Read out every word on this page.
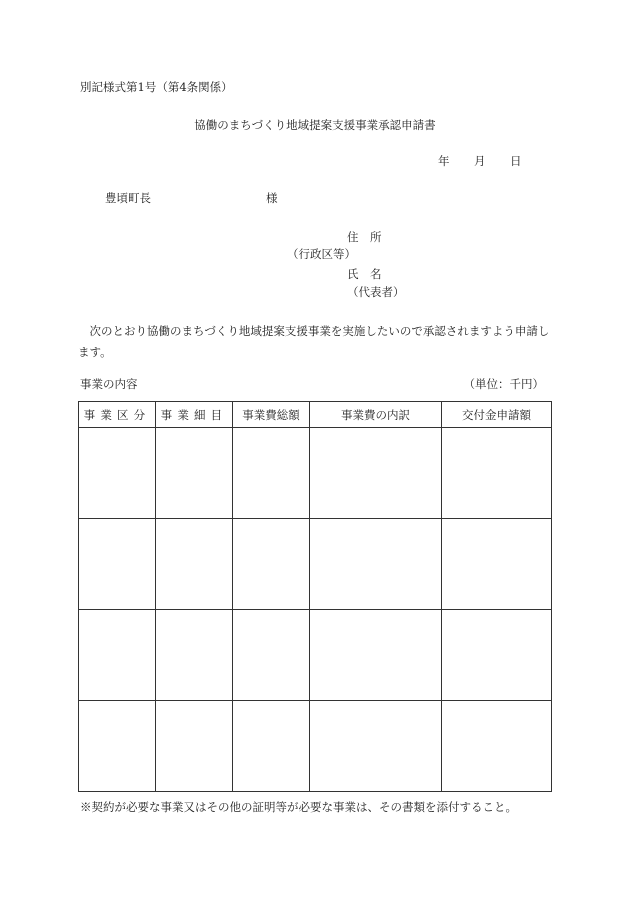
別記様式第1号（第4条関係）
協働のまちづくり地域提案支援事業承認申請書
年	月	日
豊頃町長	様
住　所
（行政区等）
氏　名
（代表者）
次のとおり協働のまちづくり地域提案支援事業を実施したいので承認されますよう申請します。
事業の内容	（単位：千円）
事業区分	事業細目	事業費総額	事業費の内訳	交付金申請額

※契約が必要な事業又はその他の証明等が必要な事業は、その書類を添付すること。
